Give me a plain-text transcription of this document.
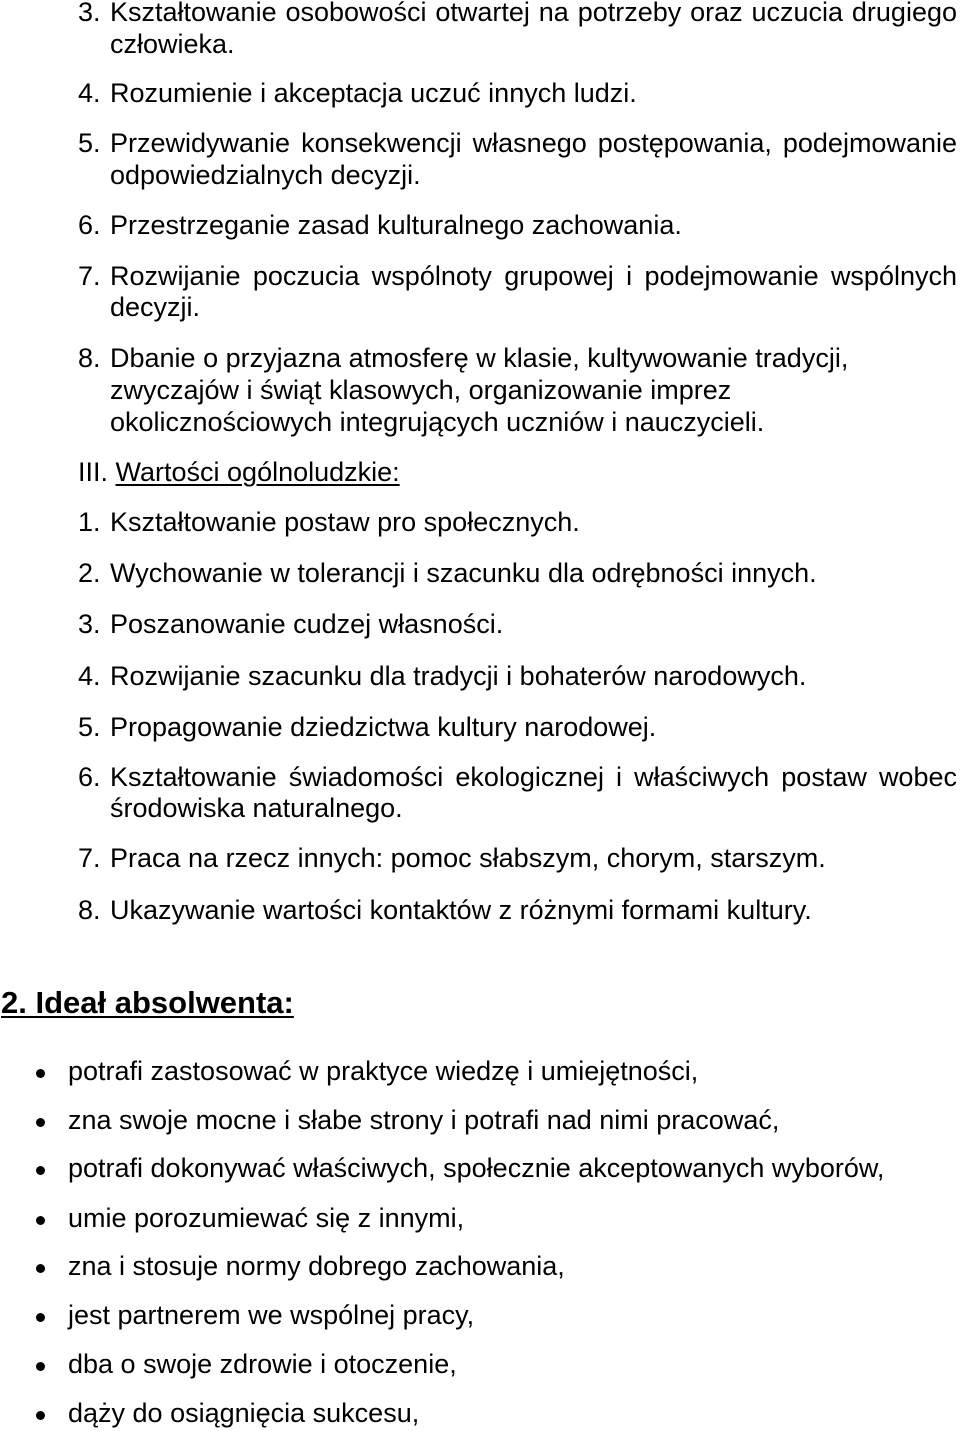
3. Kształtowanie osobowości otwartej na potrzeby oraz uczucia drugiego
człowieka.
4. Rozumienie i akceptacja uczuć innych ludzi.
5. Przewidywanie konsekwencji własnego postępowania, podejmowanie
odpowiedzialnych decyzji.
6. Przestrzeganie zasad kulturalnego zachowania.
7. Rozwijanie poczucia wspólnoty grupowej i podejmowanie wspólnych
decyzji.
8. Dbanie o przyjazna atmosferę w klasie, kultywowanie tradycji,
zwyczajów i świąt klasowych, organizowanie imprez
okolicznościowych integrujących uczniów i nauczycieli.
III. Wartości ogólnoludzkie:
1. Kształtowanie postaw pro społecznych.
2. Wychowanie w tolerancji i szacunku dla odrębności innych.
3. Poszanowanie cudzej własności.
4. Rozwijanie szacunku dla tradycji i bohaterów narodowych.
5. Propagowanie dziedzictwa kultury narodowej.
6. Kształtowanie świadomości ekologicznej i właściwych postaw wobec
środowiska naturalnego.
7. Praca na rzecz innych: pomoc słabszym, chorym, starszym.
8. Ukazywanie wartości kontaktów z różnymi formami kultury.
2. Ideał absolwenta:
potrafi zastosować w praktyce wiedzę i umiejętności,
zna swoje mocne i słabe strony i potrafi nad nimi pracować,
potrafi dokonywać właściwych, społecznie akceptowanych wyborów,
umie porozumiewać się z innymi,
zna i stosuje normy dobrego zachowania,
jest partnerem we wspólnej pracy,
dba o swoje zdrowie i otoczenie,
dąży do osiągnięcia sukcesu,
